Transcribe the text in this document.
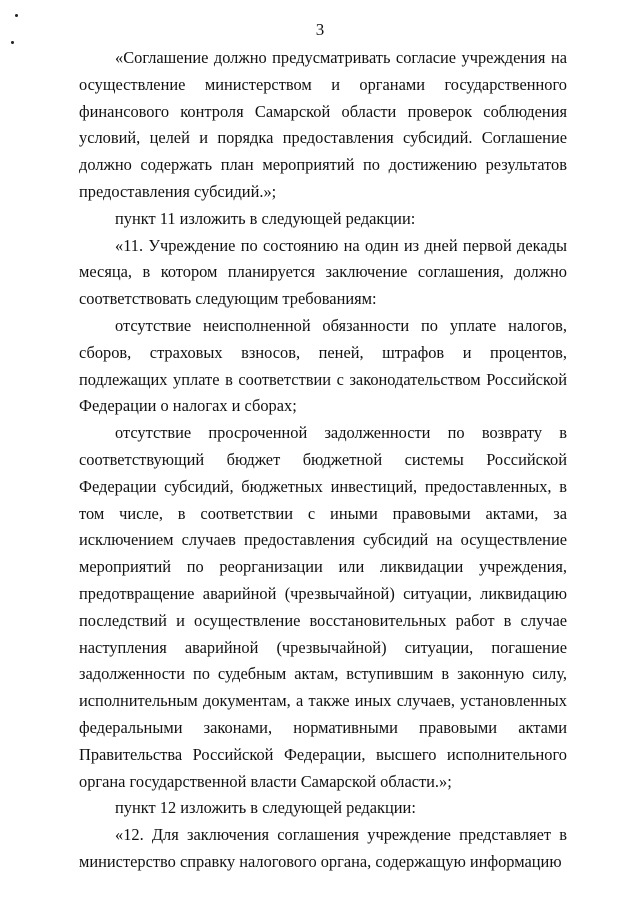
3

«Соглашение должно предусматривать согласие учреждения на осуществление министерством и органами государственного финансового контроля Самарской области проверок соблюдения условий, целей и порядка предоставления субсидий. Соглашение должно содержать план мероприятий по достижению результатов предоставления субсидий.»;

пункт 11 изложить в следующей редакции:

«11. Учреждение по состоянию на один из дней первой декады месяца, в котором планируется заключение соглашения, должно соответствовать следующим требованиям:

отсутствие неисполненной обязанности по уплате налогов, сборов, страховых взносов, пеней, штрафов и процентов, подлежащих уплате в соответствии с законодательством Российской Федерации о налогах и сборах;

отсутствие просроченной задолженности по возврату в соответствующий бюджет бюджетной системы Российской Федерации субсидий, бюджетных инвестиций, предоставленных, в том числе, в соответствии с иными правовыми актами, за исключением случаев предоставления субсидий на осуществление мероприятий по реорганизации или ликвидации учреждения, предотвращение аварийной (чрезвычайной) ситуации, ликвидацию последствий и осуществление восстановительных работ в случае наступления аварийной (чрезвычайной) ситуации, погашение задолженности по судебным актам, вступившим в законную силу, исполнительным документам, а также иных случаев, установленных федеральными законами, нормативными правовыми актами Правительства Российской Федерации, высшего исполнительного органа государственной власти Самарской области.»;

пункт 12 изложить в следующей редакции:

«12. Для заключения соглашения учреждение представляет в министерство справку налогового органа, содержащую информацию
